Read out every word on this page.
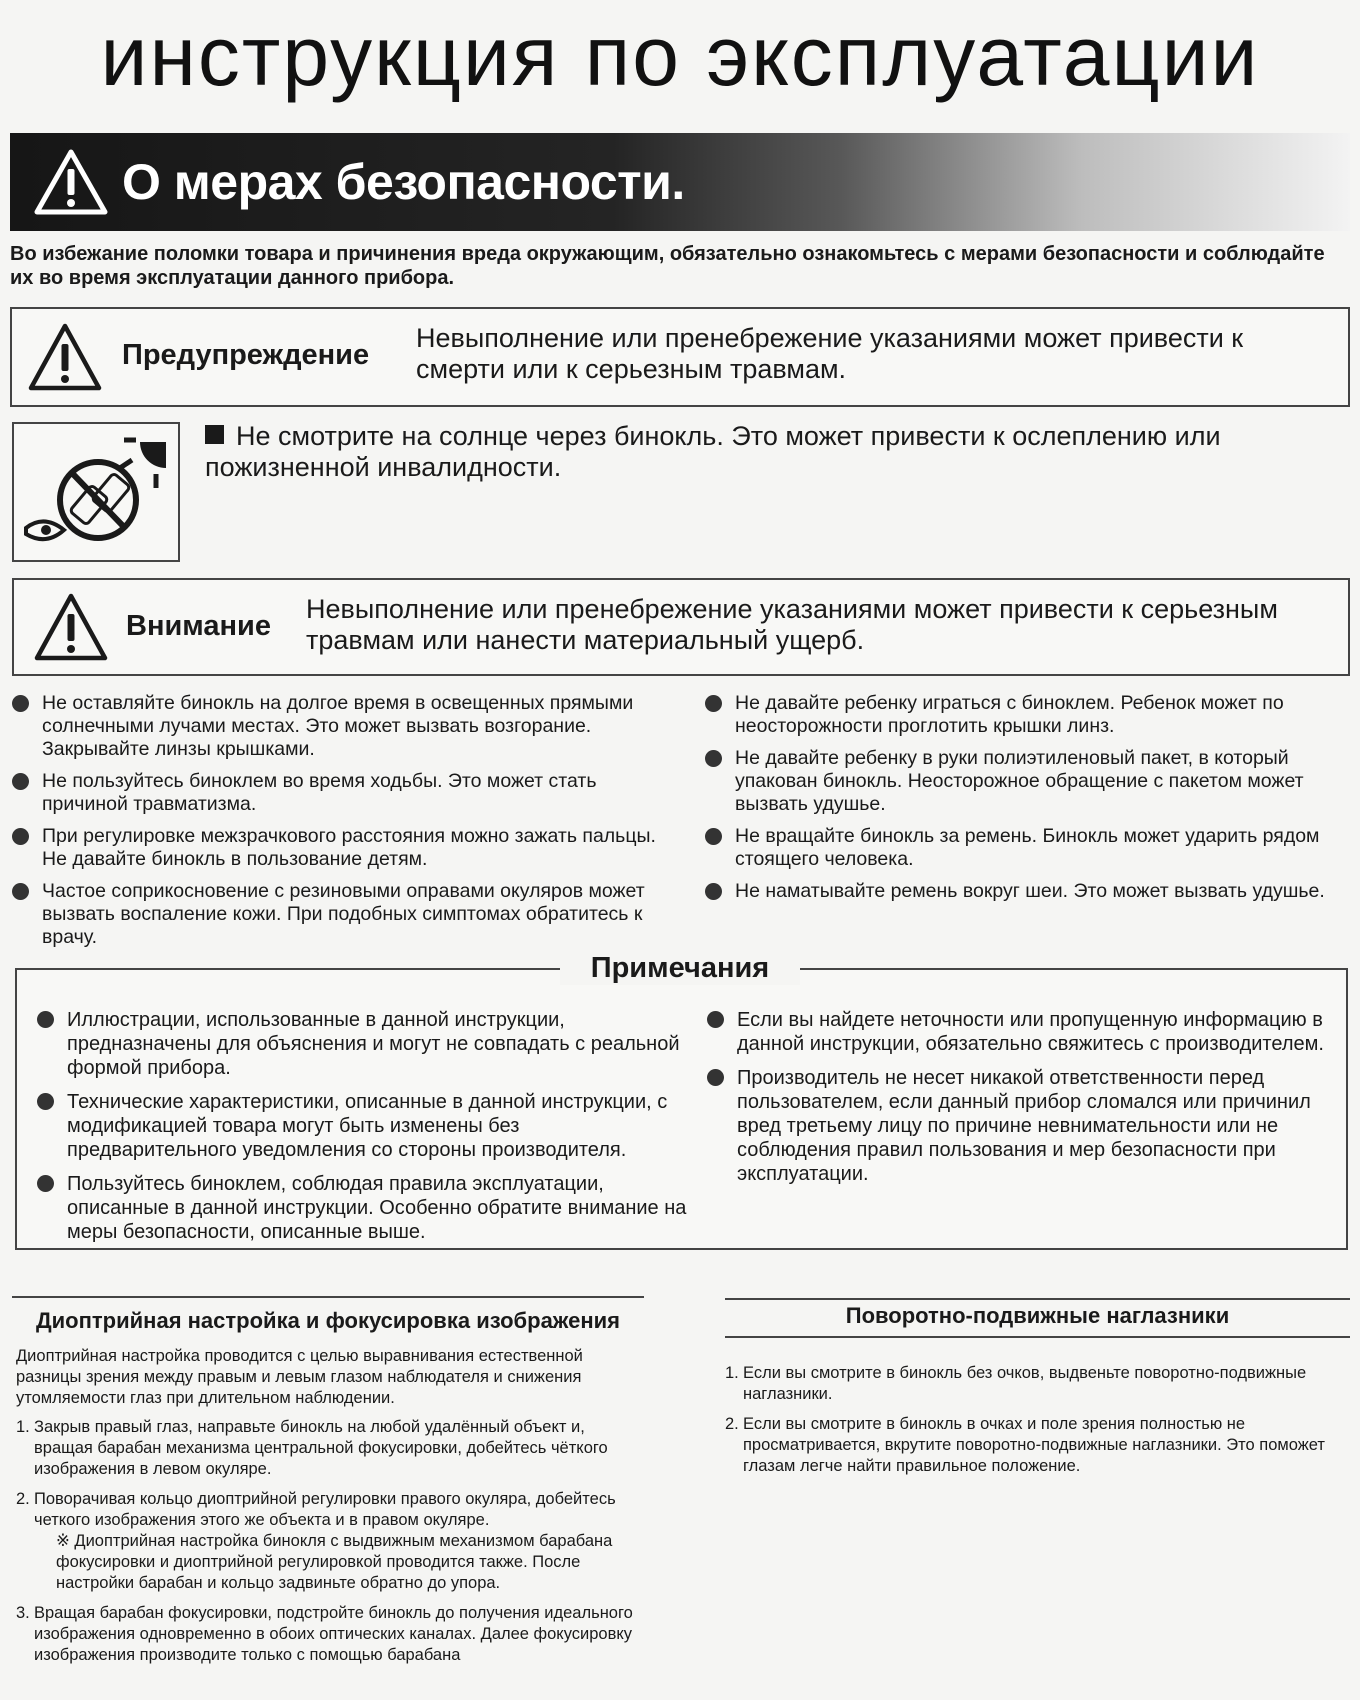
инструкция по эксплуатации
О мерах безопасности.
Во избежание поломки товара и причинения вреда окружающим, обязательно ознакомьтесь с мерами безопасности и соблюдайте их во время эксплуатации данного прибора.
Предупреждение
Невыполнение или пренебрежение указаниями может привести к смерти или к серьезным травмам.
Не смотрите на солнце через бинокль. Это может привести к ослеплению или пожизненной инвалидности.
Внимание
Невыполнение или пренебрежение указаниями может привести к серьезным травмам или нанести материальный ущерб.
Не оставляйте бинокль на долгое время в освещенных прямыми солнечными лучами местах. Это может вызвать возгорание. Закрывайте линзы крышками.
Не пользуйтесь биноклем во время ходьбы. Это может стать причиной травматизма.
При регулировке межзрачкового расстояния можно зажать пальцы. Не давайте бинокль в пользование детям.
Частое соприкосновение с резиновыми оправами окуляров может вызвать воспаление кожи. При подобных симптомах обратитесь к врачу.
Не давайте ребенку играться с биноклем. Ребенок может по неосторожности проглотить крышки линз.
Не давайте ребенку в руки полиэтиленовый пакет, в который упакован бинокль. Неосторожное обращение с пакетом может вызвать удушье.
Не вращайте бинокль за ремень. Бинокль может ударить рядом стоящего человека.
Не наматывайте ремень вокруг шеи. Это может вызвать удушье.
Иллюстрации, использованные в данной инструкции, предназначены для объяснения и могут не совпадать с реальной формой прибора.
Технические характеристики, описанные в данной инструкции, с модификацией товара могут быть изменены без предварительного уведомления со стороны производителя.
Пользуйтесь биноклем, соблюдая правила эксплуатации, описанные в данной инструкции. Особенно обратите внимание на меры безопасности, описанные выше.
Если вы найдете неточности или пропущенную информацию в данной инструкции, обязательно свяжитесь с производителем.
Производитель не несет никакой ответственности перед пользователем, если данный прибор сломался или причинил вред третьему лицу по причине невнимательности или не соблюдения правил пользования и мер безопасности при эксплуатации.
Примечания
Диоптрийная настройка и фокусировка изображения
Диоптрийная настройка проводится с целью выравнивания естественной разницы зрения между правым и левым глазом наблюдателя и снижения утомляемости глаз при длительном наблюдении.
1. Закрыв правый глаз, направьте бинокль на любой удалённый объект и, вращая барабан механизма центральной фокусировки, добейтесь чёткого изображения в левом окуляре.
2. Поворачивая кольцо диоптрийной регулировки правого окуляра, добейтесь четкого изображения этого же объекта и в правом окуляре.
※ Диоптрийная настройка бинокля с выдвижным механизмом барабана фокусировки и диоптрийной регулировкой проводится также. После настройки барабан и кольцо задвиньте обратно до упора.
3. Вращая барабан фокусировки, подстройте бинокль до получения идеального изображения одновременно в обоих оптических каналах. Далее фокусировку изображения производите только с помощью барабана
Поворотно-подвижные наглазники
1. Если вы смотрите в бинокль без очков, выдвеньте поворотно-подвижные наглазники.
2. Если вы смотрите в бинокль в очках и поле зрения полностью не просматривается, вкрутите поворотно-подвижные наглазники. Это поможет глазам легче найти правильное положение.
